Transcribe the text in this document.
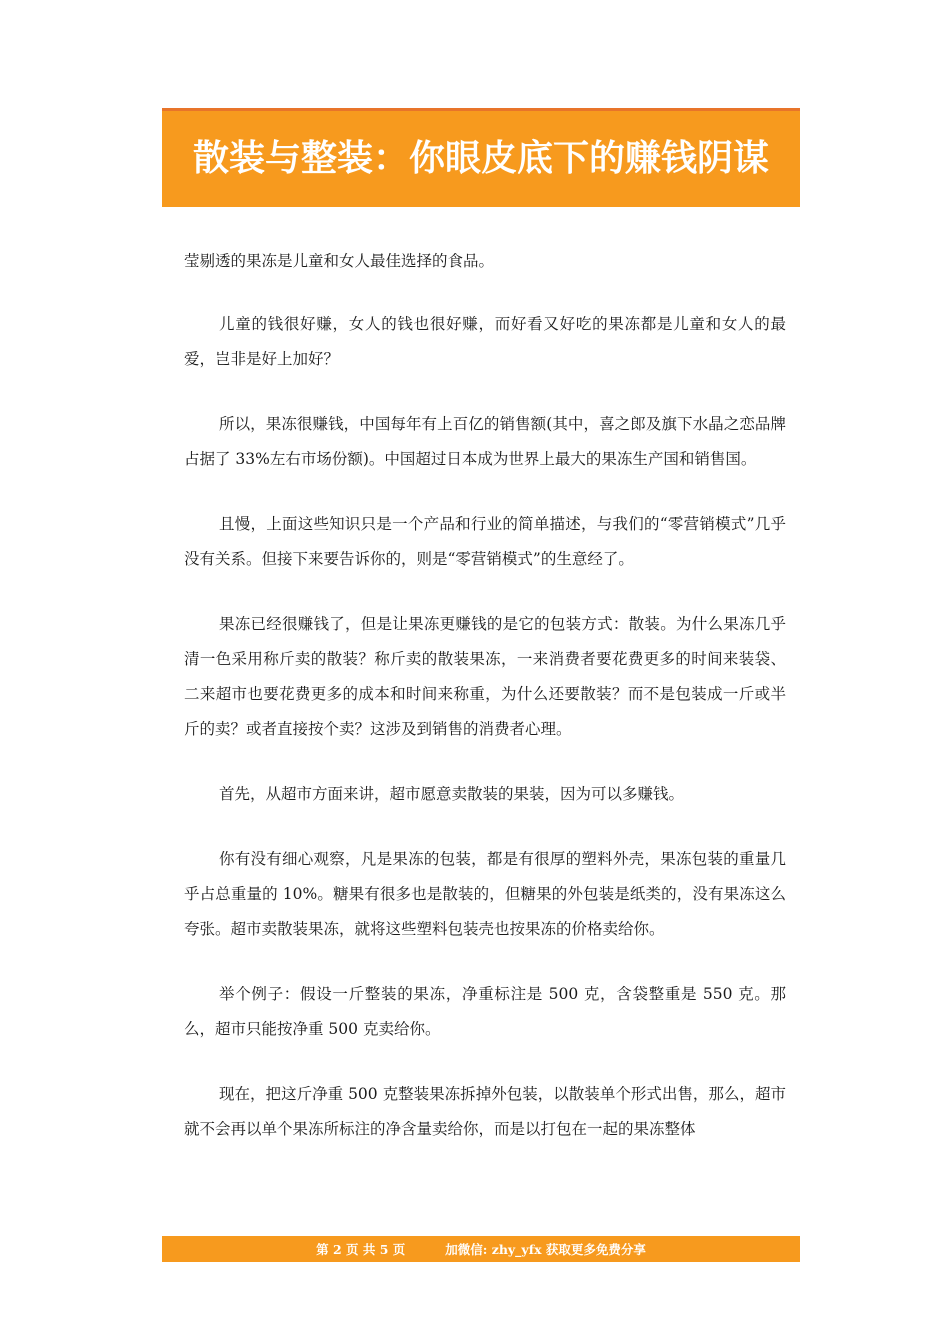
散装与整装：你眼皮底下的赚钱阴谋

莹剔透的果冻是儿童和女人最佳选择的食品。

儿童的钱很好赚，女人的钱也很好赚，而好看又好吃的果冻都是儿童和女人的最爱，岂非是好上加好？

所以，果冻很赚钱，中国每年有上百亿的销售额(其中，喜之郎及旗下水晶之恋品牌占据了 33%左右市场份额)。中国超过日本成为世界上最大的果冻生产国和销售国。

且慢，上面这些知识只是一个产品和行业的简单描述，与我们的“零营销模式”几乎没有关系。但接下来要告诉你的，则是“零营销模式”的生意经了。

果冻已经很赚钱了，但是让果冻更赚钱的是它的包装方式：散装。为什么果冻几乎清一色采用称斤卖的散装？称斤卖的散装果冻，一来消费者要花费更多的时间来装袋、二来超市也要花费更多的成本和时间来称重，为什么还要散装？而不是包装成一斤或半斤的卖？或者直接按个卖？这涉及到销售的消费者心理。

首先，从超市方面来讲，超市愿意卖散装的果装，因为可以多赚钱。

你有没有细心观察，凡是果冻的包装，都是有很厚的塑料外壳，果冻包装的重量几乎占总重量的 10%。糖果有很多也是散装的，但糖果的外包装是纸类的，没有果冻这么夸张。超市卖散装果冻，就将这些塑料包装壳也按果冻的价格卖给你。

举个例子：假设一斤整装的果冻，净重标注是 500 克，含袋整重是 550 克。那么，超市只能按净重 500 克卖给你。

现在，把这斤净重 500 克整装果冻拆掉外包装，以散装单个形式出售，那么，超市就不会再以单个果冻所标注的净含量卖给你，而是以打包在一起的果冻整体

第 2 页 共 5 页	加微信: zhy_yfx 获取更多免费分享
